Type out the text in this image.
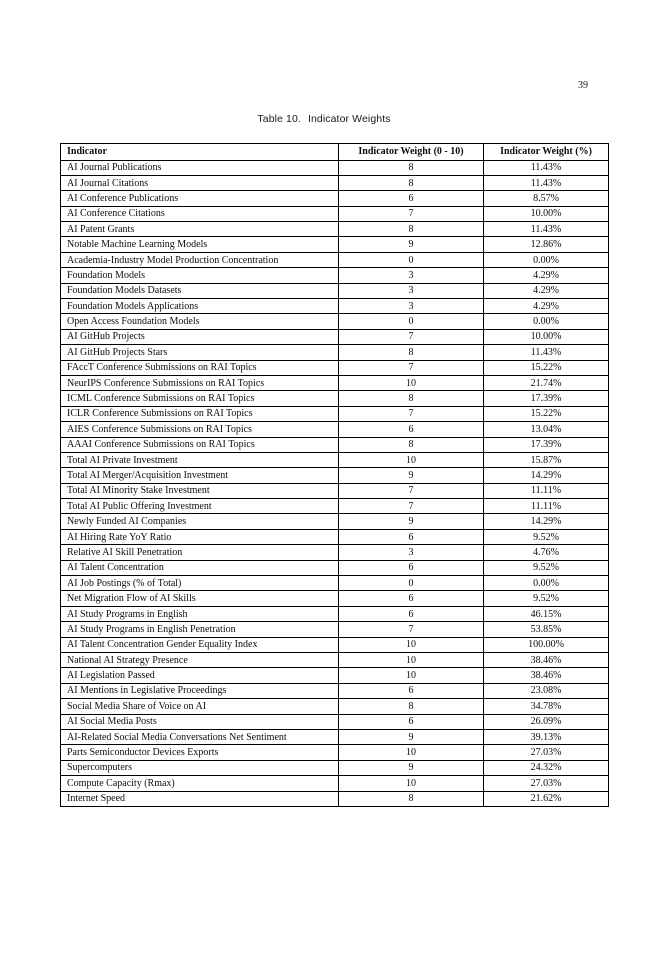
39
Table 10. Indicator Weights
Indicator	Indicator Weight (0 - 10)	Indicator Weight (%)
AI Journal Publications	8	11.43%
AI Journal Citations	8	11.43%
AI Conference Publications	6	8.57%
AI Conference Citations	7	10.00%
AI Patent Grants	8	11.43%
Notable Machine Learning Models	9	12.86%
Academia-Industry Model Production Concentration	0	0.00%
Foundation Models	3	4.29%
Foundation Models Datasets	3	4.29%
Foundation Models Applications	3	4.29%
Open Access Foundation Models	0	0.00%
AI GitHub Projects	7	10.00%
AI GitHub Projects Stars	8	11.43%
FAccT Conference Submissions on RAI Topics	7	15.22%
NeurIPS Conference Submissions on RAI Topics	10	21.74%
ICML Conference Submissions on RAI Topics	8	17.39%
ICLR Conference Submissions on RAI Topics	7	15.22%
AIES Conference Submissions on RAI Topics	6	13.04%
AAAI Conference Submissions on RAI Topics	8	17.39%
Total AI Private Investment	10	15.87%
Total AI Merger/Acquisition Investment	9	14.29%
Total AI Minority Stake Investment	7	11.11%
Total AI Public Offering Investment	7	11.11%
Newly Funded AI Companies	9	14.29%
AI Hiring Rate YoY Ratio	6	9.52%
Relative AI Skill Penetration	3	4.76%
AI Talent Concentration	6	9.52%
AI Job Postings (% of Total)	0	0.00%
Net Migration Flow of AI Skills	6	9.52%
AI Study Programs in English	6	46.15%
AI Study Programs in English Penetration	7	53.85%
AI Talent Concentration Gender Equality Index	10	100.00%
National AI Strategy Presence	10	38.46%
AI Legislation Passed	10	38.46%
AI Mentions in Legislative Proceedings	6	23.08%
Social Media Share of Voice on AI	8	34.78%
AI Social Media Posts	6	26.09%
AI-Related Social Media Conversations Net Sentiment	9	39.13%
Parts Semiconductor Devices Exports	10	27.03%
Supercomputers	9	24.32%
Compute Capacity (Rmax)	10	27.03%
Internet Speed	8	21.62%
